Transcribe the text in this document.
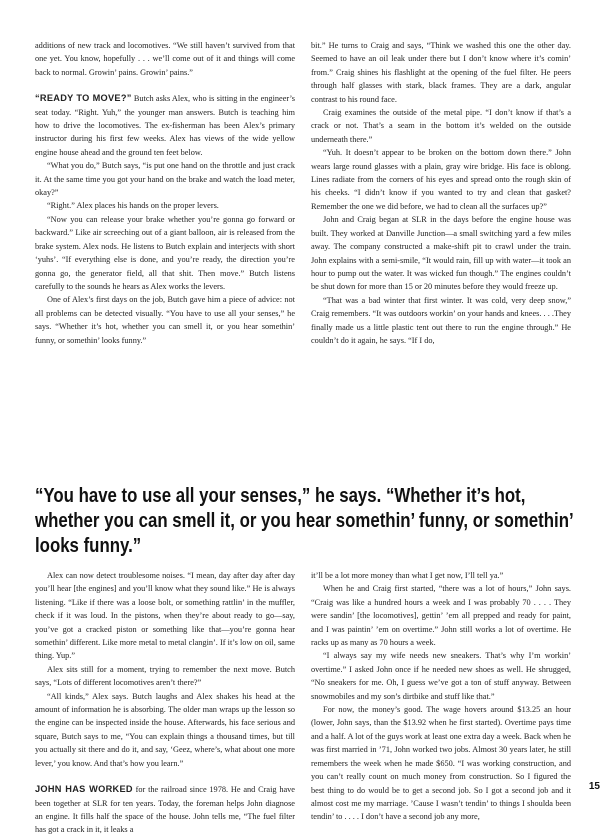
additions of new track and locomotives. “We still haven’t survived from that one yet. You know, hopefully . . . we’ll come out of it and things will come back to normal. Growin’ pains. Growin’ pains.”

“READY TO MOVE?” Butch asks Alex, who is sitting in the engineer’s seat today. “Right. Yuh,” the younger man answers. Butch is teaching him how to drive the locomotives. The ex-fisherman has been Alex’s primary instructor during his first few weeks. Alex has views of the wide yellow engine house ahead and the ground ten feet below.

“What you do,” Butch says, “is put one hand on the throttle and just crack it. At the same time you got your hand on the brake and watch the load meter, okay?”

“Right.” Alex places his hands on the proper levers.

“Now you can release your brake whether you’re gonna go forward or backward.” Like air screeching out of a giant balloon, air is released from the brake system. Alex nods. He listens to Butch explain and interjects with short ‘yuhs’. “If everything else is done, and you’re ready, the direction you’re gonna go, the generator field, all that shit. Then move.” Butch listens carefully to the sounds he hears as Alex works the levers.

One of Alex’s first days on the job, Butch gave him a piece of advice: not all problems can be detected visually. “You have to use all your senses,” he says. “Whether it’s hot, whether you can smell it, or you hear somethin’ funny, or somethin’ looks funny.”

bit.” He turns to Craig and says, “Think we washed this one the other day. Seemed to have an oil leak under there but I don’t know where it’s comin’ from.” Craig shines his flashlight at the opening of the fuel filter. He peers through half glasses with stark, black frames. They are a dark, angular contrast to his round face.

Craig examines the outside of the metal pipe. “I don’t know if that’s a crack or not. That’s a seam in the bottom it’s welded on the outside underneath there.”

“Yuh. It doesn’t appear to be broken on the bottom down there.” John wears large round glasses with a plain, gray wire bridge. His face is oblong. Lines radiate from the corners of his eyes and spread onto the rough skin of his cheeks. “I didn’t know if you wanted to try and clean that gasket? Remember the one we did before, we had to clean all the surfaces up?”

John and Craig began at SLR in the days before the engine house was built. They worked at Danville Junction—a small switching yard a few miles away. The company constructed a make-shift pit to crawl under the train. John explains with a semi-smile, “It would rain, fill up with water—it took an hour to pump out the water. It was wicked fun though.” The engines couldn’t be shut down for more than 15 or 20 minutes before they would freeze up.

“That was a bad winter that first winter. It was cold, very deep snow,” Craig remembers. “It was outdoors workin’ on your hands and knees. . . .They finally made us a little plastic tent out there to run the engine through.” He couldn’t do it again, he says. “If I do,

“You have to use all your senses,” he says. “Whether it’s hot, whether you can smell it, or you hear somethin’ funny, or somethin’ looks funny.”

Alex can now detect troublesome noises. “I mean, day after day after day you’ll hear [the engines] and you’ll know what they sound like.” He is always listening. “Like if there was a loose bolt, or something rattlin’ in the muffler, check if it was loud. In the pistons, when they’re about ready to go—say, you’ve got a cracked piston or something like that—you’re gonna hear somethin’ different. Like more metal to metal clangin’. If it’s low on oil, same thing. Yup.”

Alex sits still for a moment, trying to remember the next move. Butch says, “Lots of different locomotives aren’t there?”

“All kinds,” Alex says. Butch laughs and Alex shakes his head at the amount of information he is absorbing. The older man wraps up the lesson so the engine can be inspected inside the house. Afterwards, his face serious and square, Butch says to me, “You can explain things a thousand times, but till you actually sit there and do it, and say, ‘Geez, where’s, what about one more lever,’ you know. And that’s how you learn.”

JOHN HAS WORKED for the railroad since 1978. He and Craig have been together at SLR for ten years. Today, the foreman helps John diagnose an engine. It fills half the space of the house. John tells me, “The fuel filter has got a crack in it, it leaks a

it’ll be a lot more money than what I get now, I’ll tell ya.”

When he and Craig first started, “there was a lot of hours,” John says. “Craig was like a hundred hours a week and I was probably 70 . . . . They were sandin’ [the locomotives], gettin’ ’em all prepped and ready for paint, and I was paintin’ ’em on overtime.” John still works a lot of overtime. He racks up as many as 70 hours a week.

“I always say my wife needs new sneakers. That’s why I’m workin’ overtime.” I asked John once if he needed new shoes as well. He shrugged, “No sneakers for me. Oh, I guess we’ve got a ton of stuff anyway. Between snowmobiles and my son’s dirtbike and stuff like that.”

For now, the money’s good. The wage hovers around $13.25 an hour (lower, John says, than the $13.92 when he first started). Overtime pays time and a half. A lot of the guys work at least one extra day a week. Back when he was first married in ’71, John worked two jobs. Almost 30 years later, he still remembers the week when he made $650. “I was working construction, and you can’t really count on much money from construction. So I figured the best thing to do would be to get a second job. So I got a second job and it almost cost me my marriage. ’Cause I wasn’t tendin’ to things I shoulda been tendin’ to . . . . I don’t have a second job any more,

15
